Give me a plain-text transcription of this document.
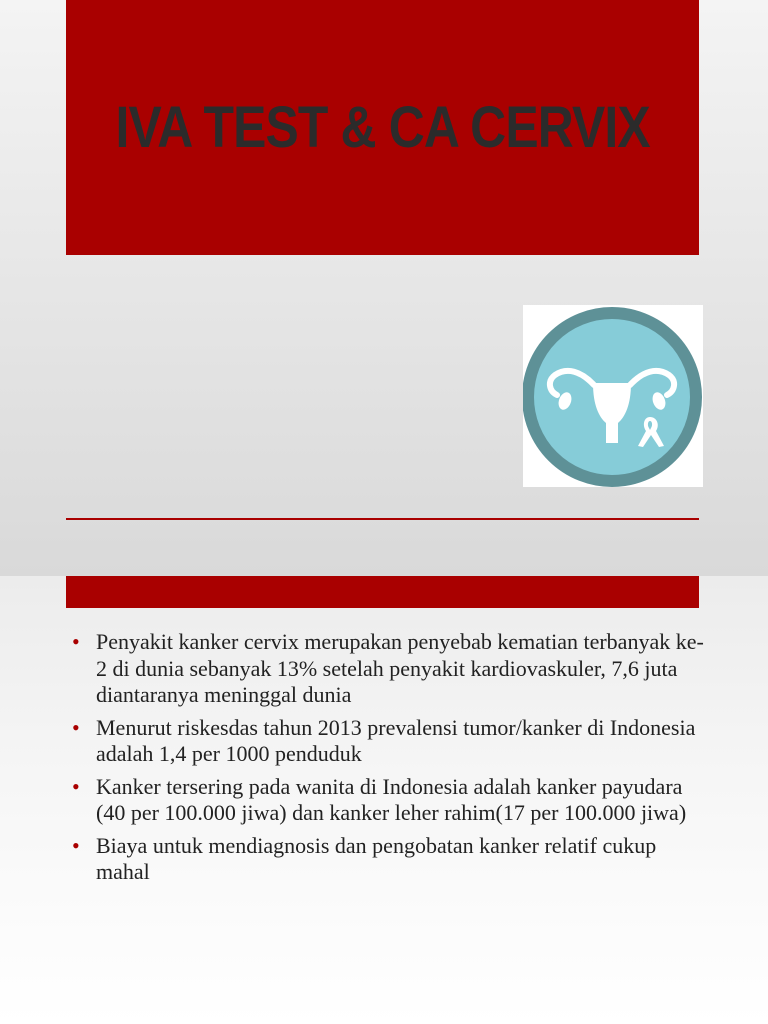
IVA TEST & CA CERVIX
• Penyakit kanker cervix merupakan penyebab kematian terbanyak ke-2 di dunia sebanyak 13% setelah penyakit kardiovaskuler, 7,6 juta diantaranya meninggal dunia
• Menurut riskesdas tahun 2013 prevalensi tumor/kanker di Indonesia adalah 1,4 per 1000 penduduk
• Kanker tersering pada wanita di Indonesia adalah kanker payudara (40 per 100.000 jiwa) dan kanker leher rahim(17 per 100.000 jiwa)
• Biaya untuk mendiagnosis dan pengobatan kanker relatif cukup mahal
